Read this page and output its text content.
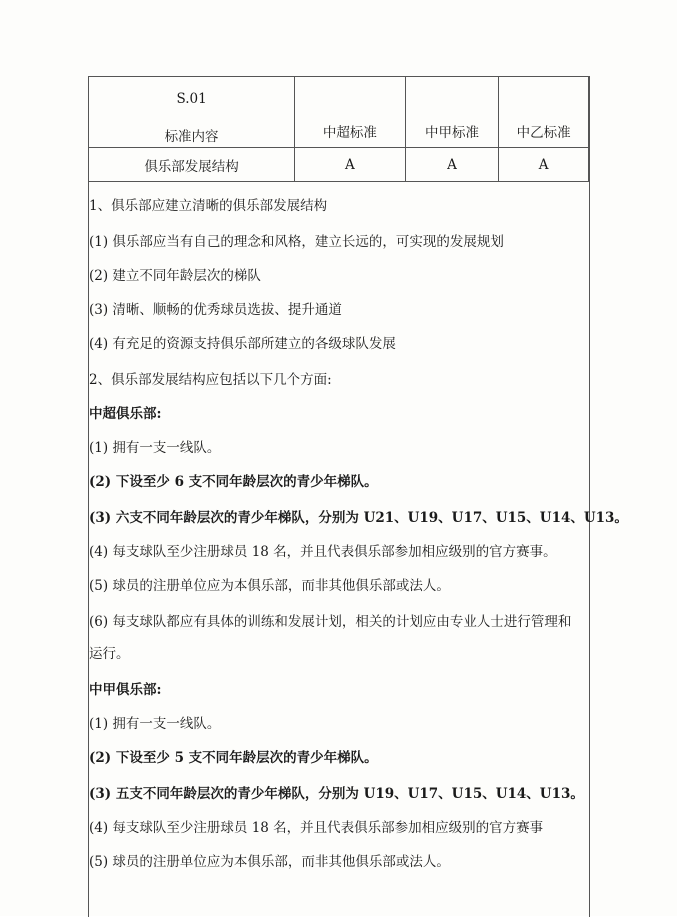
S.01
标准内容	中超标准	中甲标准	中乙标准

俱乐部发展结构	A	A	A
1、俱乐部应建立清晰的俱乐部发展结构
(1) 俱乐部应当有自己的理念和风格，建立长远的，可实现的发展规划
(2) 建立不同年龄层次的梯队
(3) 清晰、顺畅的优秀球员选拔、提升通道
(4) 有充足的资源支持俱乐部所建立的各级球队发展
2、俱乐部发展结构应包括以下几个方面:
中超俱乐部:
(1) 拥有一支一线队。
(2) 下设至少 6 支不同年龄层次的青少年梯队。
(3) 六支不同年龄层次的青少年梯队，分别为 U21、U19、U17、U15、U14、U13。
(4) 每支球队至少注册球员 18 名，并且代表俱乐部参加相应级别的官方赛事。
(5) 球员的注册单位应为本俱乐部，而非其他俱乐部或法人。
(6) 每支球队都应有具体的训练和发展计划，相关的计划应由专业人士进行管理和
运行。
中甲俱乐部:
(1) 拥有一支一线队。
(2) 下设至少 5 支不同年龄层次的青少年梯队。
(3) 五支不同年龄层次的青少年梯队，分别为 U19、U17、U15、U14、U13。
(4) 每支球队至少注册球员 18 名，并且代表俱乐部参加相应级别的官方赛事
(5) 球员的注册单位应为本俱乐部，而非其他俱乐部或法人。
